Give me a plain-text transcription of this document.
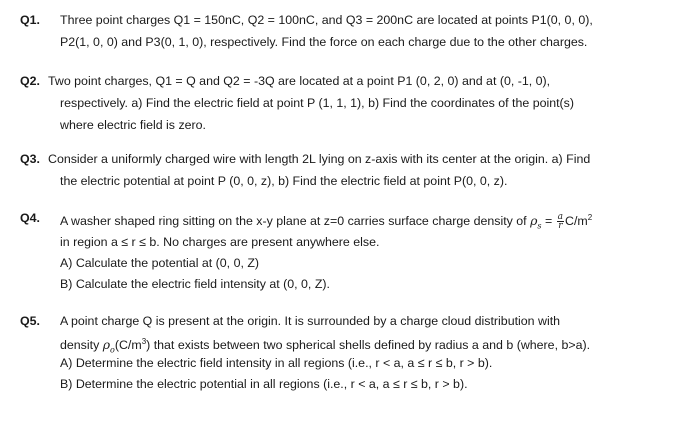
Q1. Three point charges Q1 = 150nC, Q2 = 100nC, and Q3 = 200nC are located at points P1(0, 0, 0),
P2(1, 0, 0) and P3(0, 1, 0), respectively. Find the force on each charge due to the other charges.
Q2. Two point charges, Q1 = Q and Q2 = -3Q are located at a point P1 (0, 2, 0) and at (0, -1, 0),
respectively. a) Find the electric field at point P (1, 1, 1), b) Find the coordinates of the point(s)
where electric field is zero.
Q3. Consider a uniformly charged wire with length 2L lying on z-axis with its center at the origin. a) Find
the electric potential at point P (0, 0, z), b) Find the electric field at point P(0, 0, z).
Q4. A washer shaped ring sitting on the x-y plane at z=0 carries surface charge density of $\rho_s = \frac{a}{r} C/m^2$
in region a ≤ r ≤ b. No charges are present anywhere else.
A) Calculate the potential at (0, 0, Z)
B) Calculate the electric field intensity at (0, 0, Z).
Q5. A point charge Q is present at the origin. It is surrounded by a charge cloud distribution with
density $\rho_o(C/m^3)$ that exists between two spherical shells defined by radius a and b (where, b>a).
A) Determine the electric field intensity in all regions (i.e., r < a, a ≤ r ≤ b, r > b).
B) Determine the electric potential in all regions (i.e., r < a, a ≤ r ≤ b, r > b).
